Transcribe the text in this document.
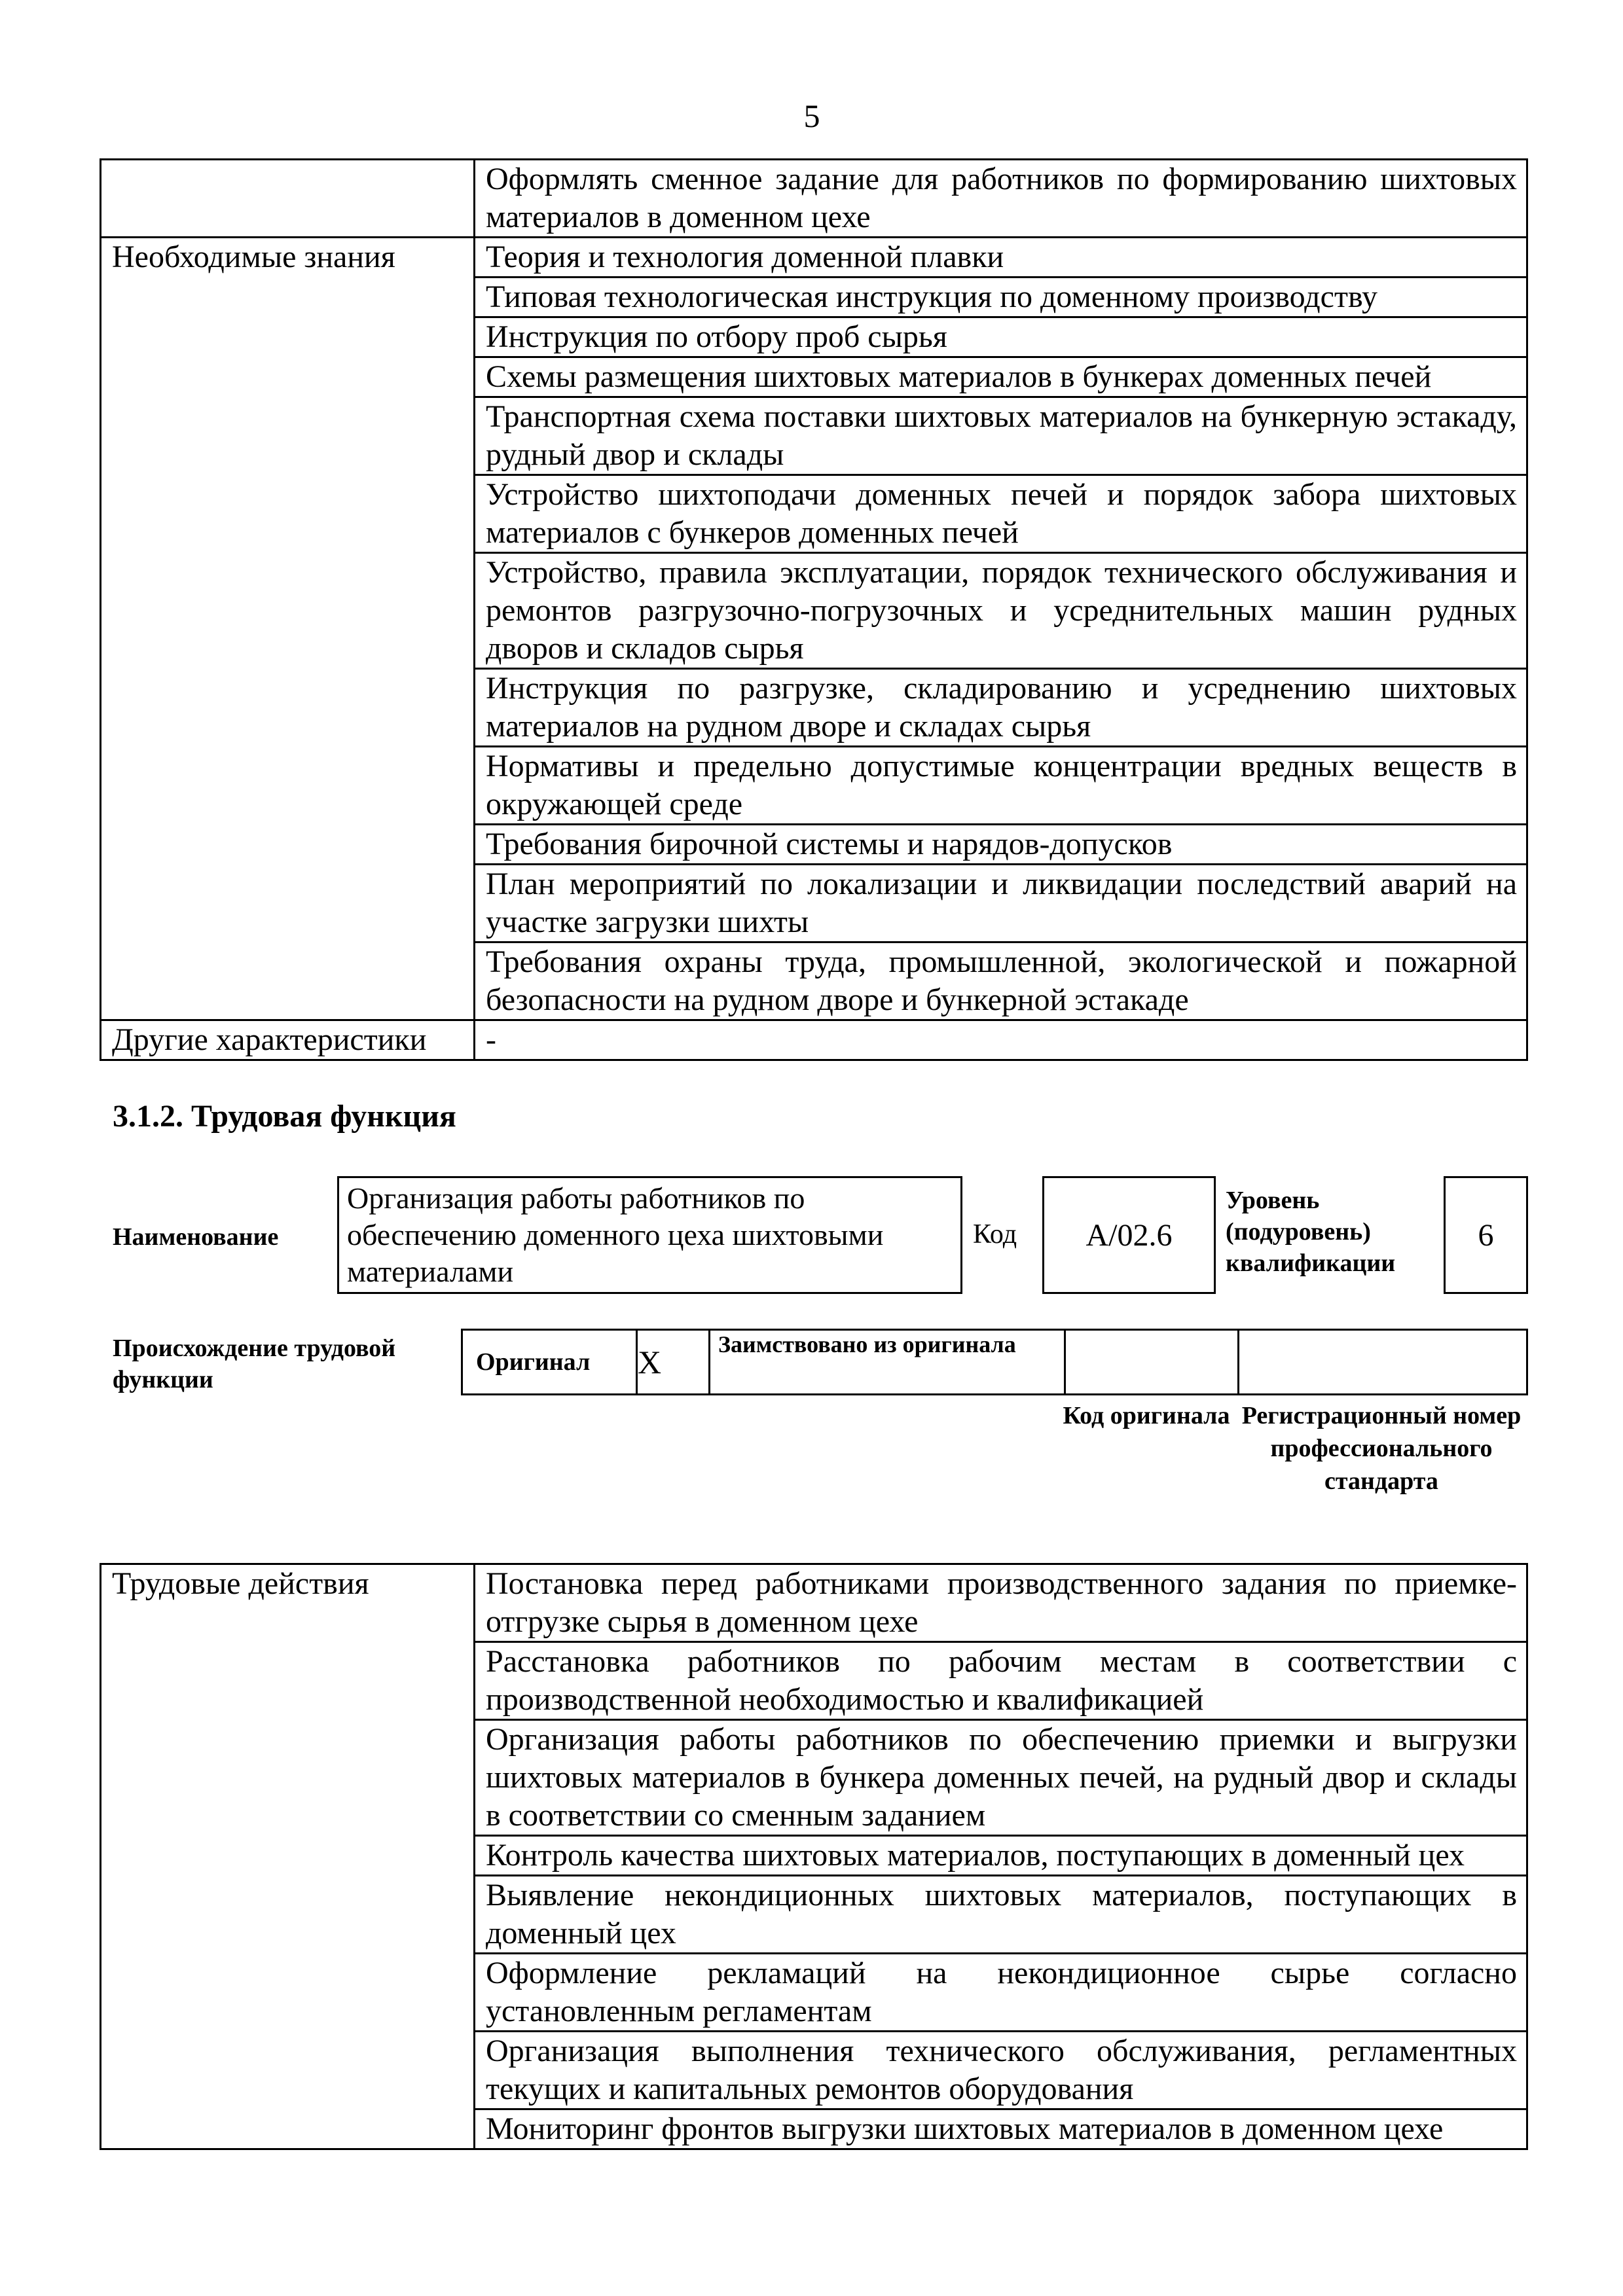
5
	Оформлять сменное задание для работников по формированию шихтовых материалов в доменном цехе
Необходимые знания	Теория и технология доменной плавки
	Типовая технологическая инструкция по доменному производству
	Инструкция по отбору проб сырья
	Схемы размещения шихтовых материалов в бункерах доменных печей
	Транспортная схема поставки шихтовых материалов на бункерную эстакаду, рудный двор и склады
	Устройство шихтоподачи доменных печей и порядок забора шихтовых материалов с бункеров доменных печей
	Устройство, правила эксплуатации, порядок технического обслуживания и ремонтов разгрузочно-погрузочных и усреднительных машин рудных дворов и складов сырья
	Инструкция по разгрузке, складированию и усреднению шихтовых материалов на рудном дворе и складах сырья
	Нормативы и предельно допустимые концентрации вредных веществ в окружающей среде
	Требования бирочной системы и нарядов-допусков
	План мероприятий по локализации и ликвидации последствий аварий на участке загрузки шихты
	Требования охраны труда, промышленной, экологической и пожарной безопасности на рудном дворе и бункерной эстакаде
Другие характеристики	-
3.1.2. Трудовая функция
Наименование
Организация работы работников по обеспечению доменного цеха шихтовыми материалами
Код	А/02.6
Уровень (подуровень) квалификации
6
Происхождение трудовой функции
Оригинал	X	Заимствовано из оригинала		
Код оригинала Регистрационный номер профессионального стандарта
Трудовые действия	Постановка перед работниками производственного задания по приемке-отгрузке сырья в доменном цехе
Расстановка работников по рабочим местам в соответствии с производственной необходимостью и квалификацией
Организация работы работников по обеспечению приемки и выгрузки шихтовых материалов в бункера доменных печей, на рудный двор и склады в соответствии со сменным заданием
Контроль качества шихтовых материалов, поступающих в доменный цех
Выявление некондиционных шихтовых материалов, поступающих в доменный цех
Оформление рекламаций на некондиционное сырье согласно установленным регламентам
Организация выполнения технического обслуживания, регламентных текущих и капитальных ремонтов оборудования
Мониторинг фронтов выгрузки шихтовых материалов в доменном цехе
